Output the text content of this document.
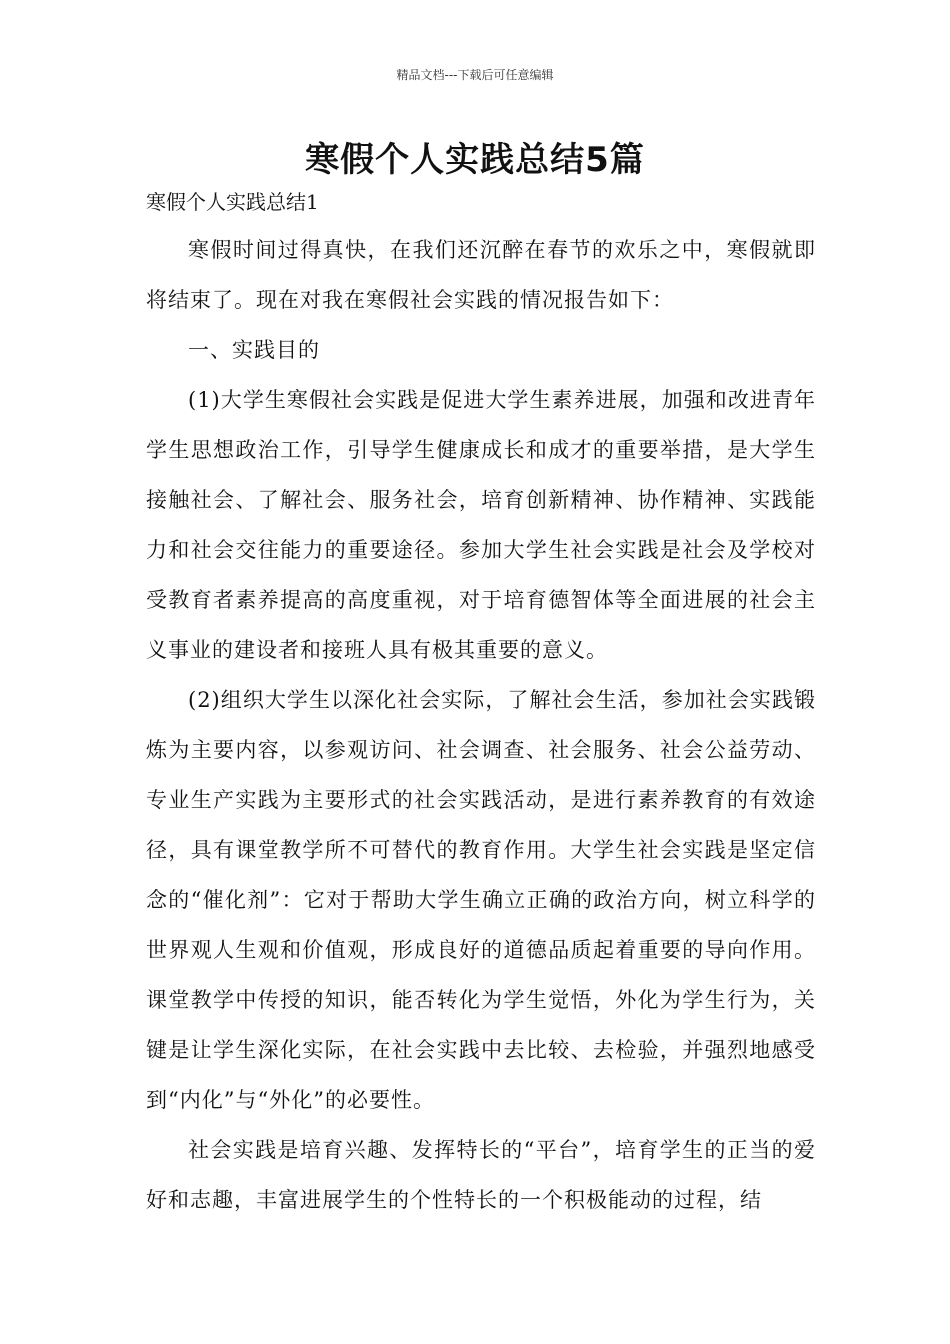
精品文档---下载后可任意编辑
寒假个人实践总结5篇
寒假个人实践总结1

寒假时间过得真快，在我们还沉醉在春节的欢乐之中，寒假就即将结束了。现在对我在寒假社会实践的情况报告如下：

一、实践目的

(1)大学生寒假社会实践是促进大学生素养进展，加强和改进青年学生思想政治工作，引导学生健康成长和成才的重要举措，是大学生接触社会、了解社会、服务社会，培育创新精神、协作精神、实践能力和社会交往能力的重要途径。参加大学生社会实践是社会及学校对受教育者素养提高的高度重视，对于培育德智体等全面进展的社会主义事业的建设者和接班人具有极其重要的意义。

(2)组织大学生以深化社会实际，了解社会生活，参加社会实践锻炼为主要内容，以参观访问、社会调查、社会服务、社会公益劳动、专业生产实践为主要形式的社会实践活动，是进行素养教育的有效途径，具有课堂教学所不可替代的教育作用。大学生社会实践是坚定信念的“催化剂”：它对于帮助大学生确立正确的政治方向，树立科学的世界观人生观和价值观，形成良好的道德品质起着重要的导向作用。课堂教学中传授的知识，能否转化为学生觉悟，外化为学生行为，关键是让学生深化实际，在社会实践中去比较、去检验，并强烈地感受到“内化”与“外化”的必要性。

社会实践是培育兴趣、发挥特长的“平台”，培育学生的正当的爱好和志趣，丰富进展学生的个性特长的一个积极能动的过程，结
